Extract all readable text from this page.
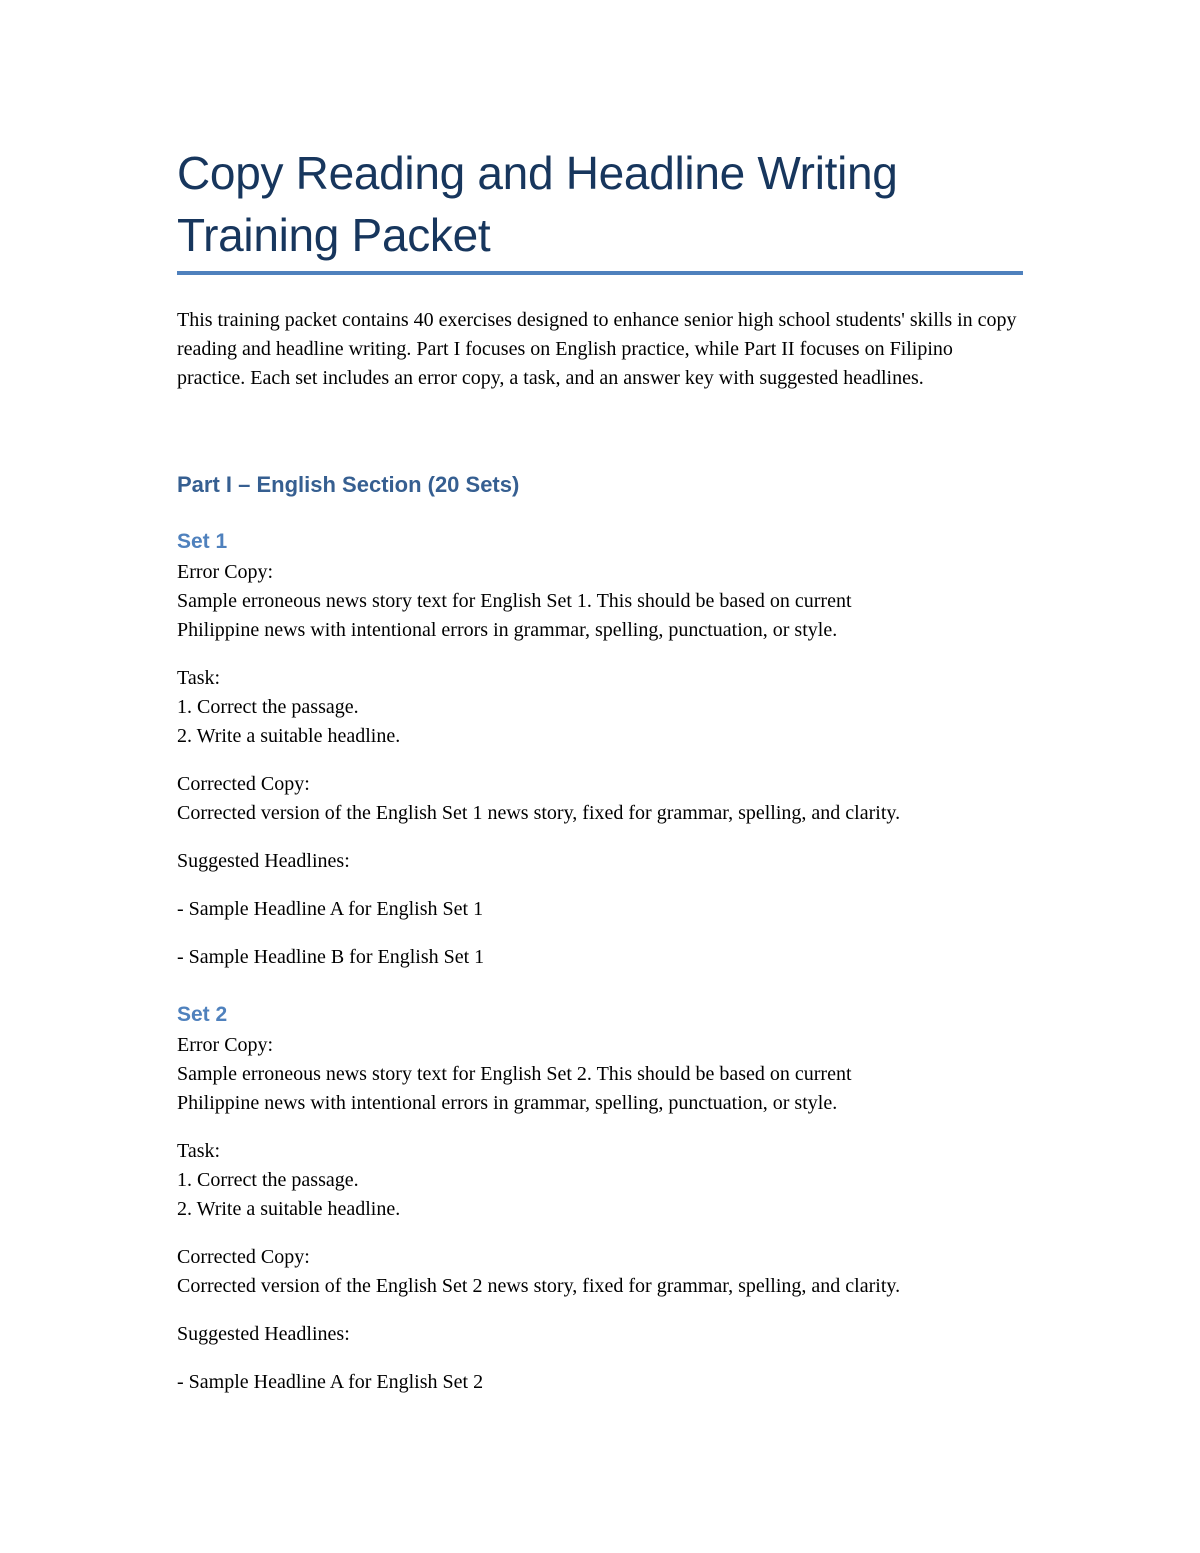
Copy Reading and Headline Writing
Training Packet
This training packet contains 40 exercises designed to enhance senior high school students' skills in copy reading and headline writing. Part I focuses on English practice, while Part II focuses on Filipino practice. Each set includes an error copy, a task, and an answer key with suggested headlines.
Part I – English Section (20 Sets)
Set 1
Error Copy:
Sample erroneous news story text for English Set 1. This should be based on current
Philippine news with intentional errors in grammar, spelling, punctuation, or style.
Task:
1. Correct the passage.
2. Write a suitable headline.
Corrected Copy:
Corrected version of the English Set 1 news story, fixed for grammar, spelling, and clarity.
Suggested Headlines:
- Sample Headline A for English Set 1
- Sample Headline B for English Set 1
Set 2
Error Copy:
Sample erroneous news story text for English Set 2. This should be based on current
Philippine news with intentional errors in grammar, spelling, punctuation, or style.
Task:
1. Correct the passage.
2. Write a suitable headline.
Corrected Copy:
Corrected version of the English Set 2 news story, fixed for grammar, spelling, and clarity.
Suggested Headlines:
- Sample Headline A for English Set 2
